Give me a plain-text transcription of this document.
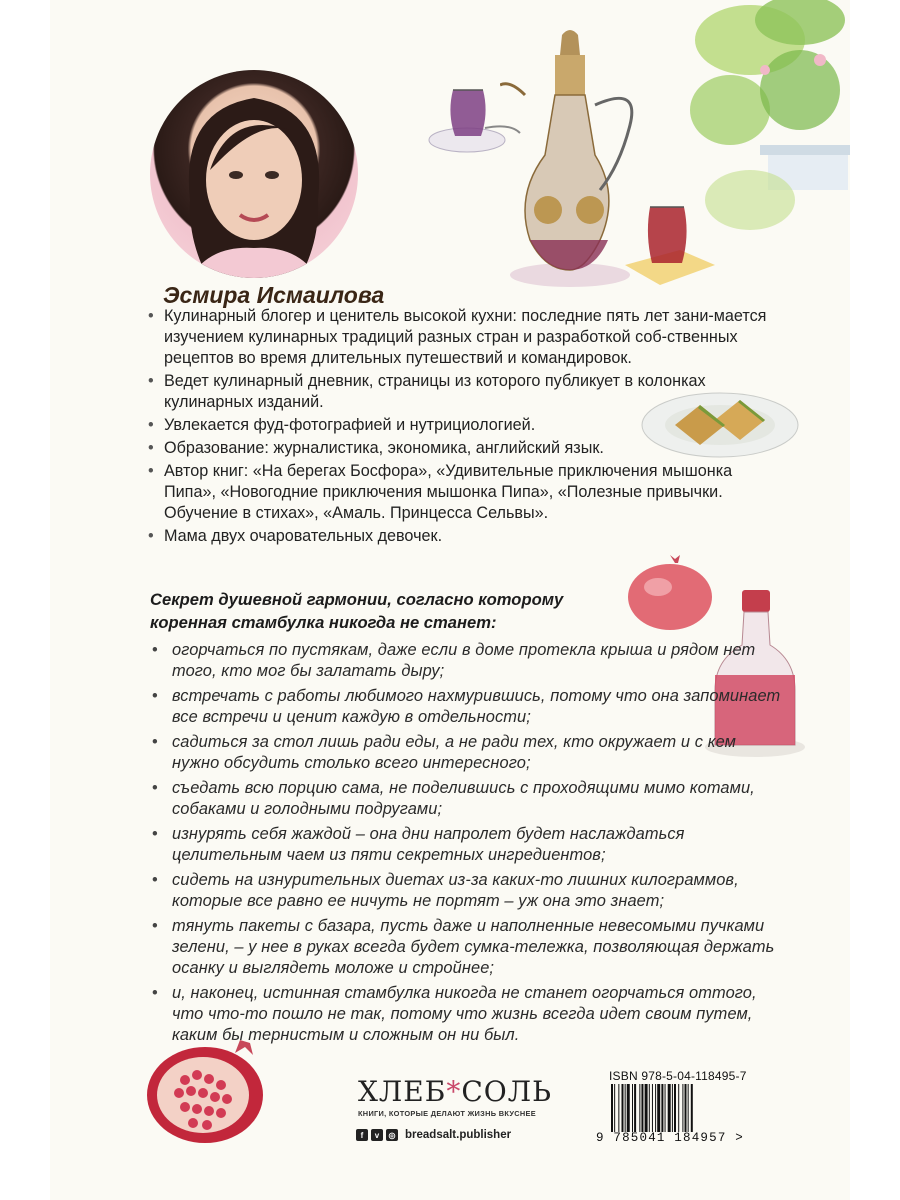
Эсмира Исмаилова
• Кулинарный блогер и ценитель высокой кухни: последние пять лет зани-мается изучением кулинарных традиций разных стран и разработкой соб-ственных рецептов во время длительных путешествий и командировок.
• Ведет кулинарный дневник, страницы из которого публикует в колонках кулинарных изданий.
• Увлекается фуд-фотографией и нутрициологией.
• Образование: журналистика, экономика, английский язык.
• Автор книг: «На берегах Босфора», «Удивительные приключения мышонка Пипа», «Новогодние приключения мышонка Пипа», «Полезные привычки. Обучение в стихах», «Амаль. Принцесса Сельвы».
• Мама двух очаровательных девочек.
Секрет душевной гармонии, согласно которому коренная стамбулка никогда не станет:
• огорчаться по пустякам, даже если в доме протекла крыша и рядом нет того, кто мог бы залатать дыру;
• встречать с работы любимого нахмурившись, потому что она запоминает все встречи и ценит каждую в отдельности;
• садиться за стол лишь ради еды, а не ради тех, кто окружает и с кем нужно обсудить столько всего интересного;
• съедать всю порцию сама, не поделившись с проходящими мимо котами, собаками и голодными подругами;
• изнурять себя жаждой – она дни напролет будет наслаждаться целительным чаем из пяти секретных ингредиентов;
• сидеть на изнурительных диетах из-за каких-то лишних килограммов, которые все равно ее ничуть не портят – уж она это знает;
• тянуть пакеты с базара, пусть даже и наполненные невесомыми пучками зелени, – у нее в руках всегда будет сумка-тележка, позволяющая держать осанку и выглядеть моложе и стройнее;
• и, наконец, истинная стамбулка никогда не станет огорчаться оттого, что что-то пошло не так, потому что жизнь всегда идет своим путем, каким бы тернистым и сложным он ни был.
ХЛЕБ*СОЛЬ
КНИГИ, КОТОРЫЕ ДЕЛАЮТ ЖИЗНЬ ВКУСНЕЕ
f	v	◎ breadsalt.publisher
ISBN 978-5-04-118495-7
9 785041 184957 >
